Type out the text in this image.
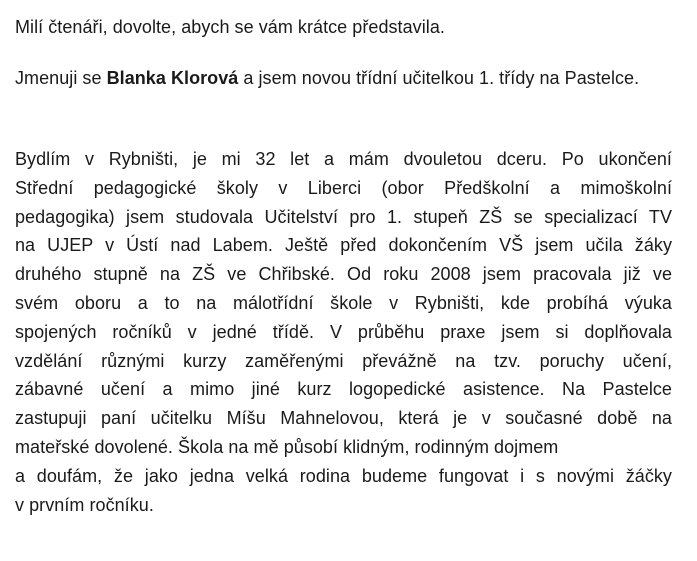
Milí čtenáři, dovolte, abych se vám krátce představila.

Jmenuji se Blanka Klorová a jsem novou třídní učitelkou 1. třídy na Pastelce.

Bydlím v Rybništi, je mi 32 let a mám dvouletou dceru. Po ukončení
Střední pedagogické školy v Liberci (obor Předškolní a mimoškolní
pedagogika) jsem studovala Učitelství pro 1. stupeň ZŠ se specializací TV
na UJEP v Ústí nad Labem. Ještě před dokončením VŠ jsem učila žáky
druhého stupně na ZŠ ve Chřibské. Od roku 2008 jsem pracovala již ve
svém oboru a to na málotřídní škole v Rybništi, kde probíhá výuka
spojených ročníků v jedné třídě. V průběhu praxe jsem si doplňovala
vzdělání různými kurzy zaměřenými převážně na tzv. poruchy učení,
zábavné učení a mimo jiné kurz logopedické asistence. Na Pastelce
zastupuji paní učitelku Míšu Mahnelovou, která je v současné době na
mateřské dovolené. Škola na mě působí klidným, rodinným dojmem
a doufám, že jako jedna velká rodina budeme fungovat i s novými žáčky
v prvním ročníku.
